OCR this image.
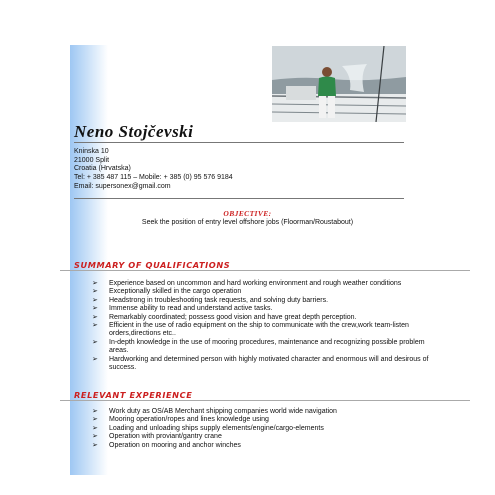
Neno Stojčevski
Kninska 10
21000 Split
Croatia (Hrvatska)
Tel: + 385 487 115 – Mobile: + 385 (0) 95 576 9184
Email: supersonex@gmail.com
OBJECTIVE:
Seek the position of entry level offshore jobs (Floorman/Roustabout)
SUMMARY OF QUALIFICATIONS
➢ Experience based on uncommon and hard working environment and rough weather conditions
➢ Exceptionally skilled in the cargo operation
➢ Headstrong in troubleshooting task requests, and solving duty barriers.
➢ Immense ability to read and understand active tasks.
➢ Remarkably coordinated; possess good vision and have great depth perception.
➢ Efficient in the use of radio equipment on the ship to communicate with the crew,work team-listen orders,directions etc..
➢ In-depth knowledge in the use of mooring procedures, maintenance and recognizing possible problem areas.
➢ Hardworking and determined person with highly motivated character and enormous will and desirous of success.
RELEVANT EXPERIENCE
➢ Work duty as OS/AB Merchant shipping companies world wide navigation
➢ Mooring operation/ropes and lines knowledge using
➢ Loading and unloading ships supply elements/engine/cargo-elements
➢ Operation with proviant/gantry crane
➢ Operation on mooring and anchor winches
